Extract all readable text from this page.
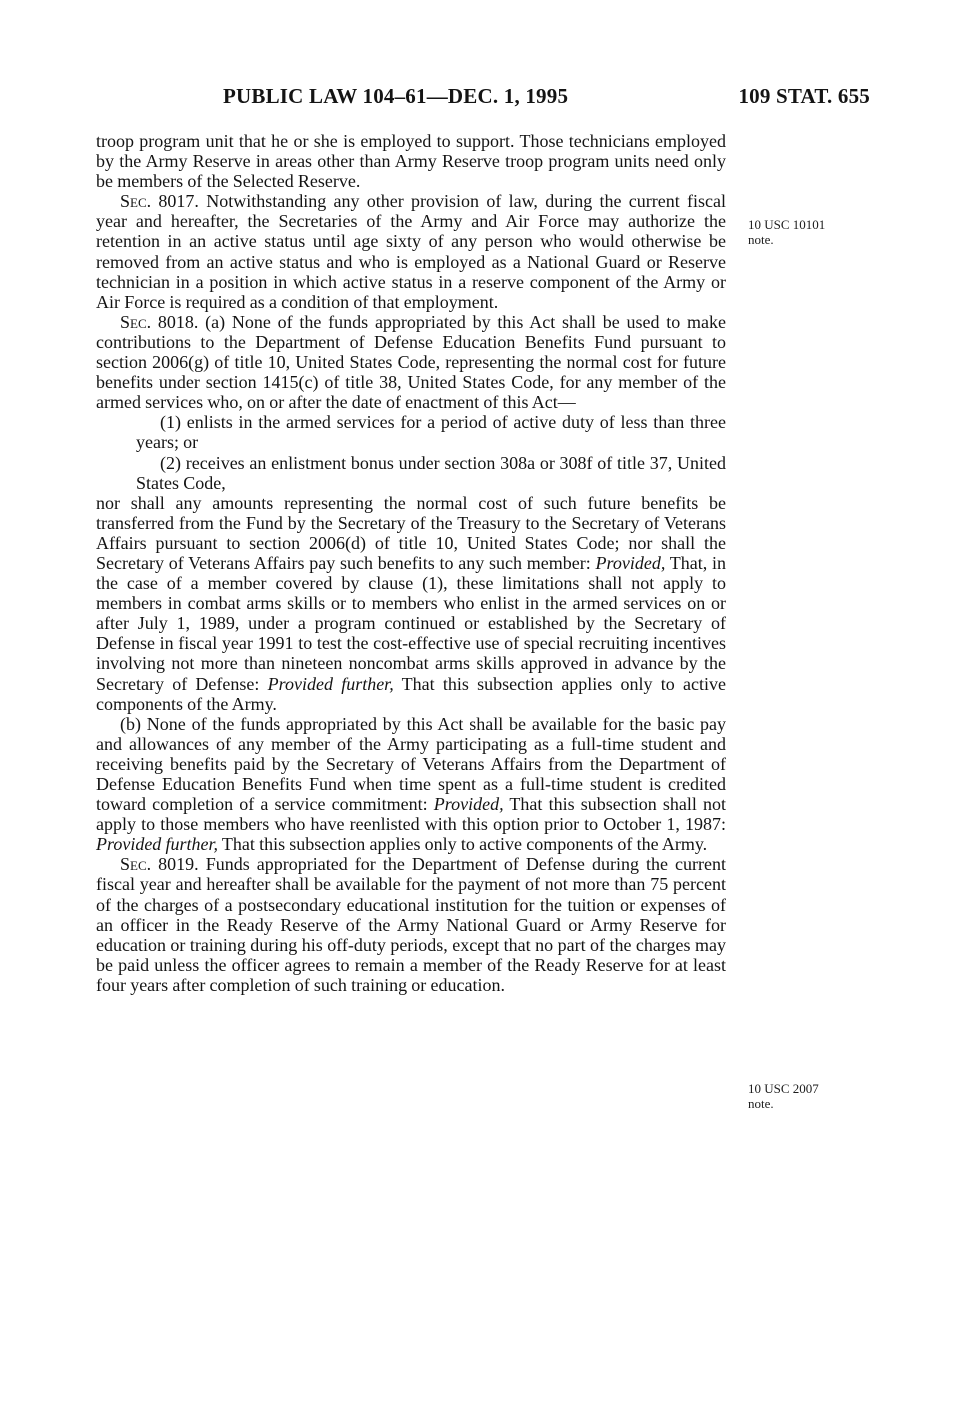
PUBLIC LAW 104–61—DEC. 1, 1995	109 STAT. 655

troop program unit that he or she is employed to support. Those technicians employed by the Army Reserve in areas other than Army Reserve troop program units need only be members of the Selected Reserve.

Sec. 8017. Notwithstanding any other provision of law, during the current fiscal year and hereafter, the Secretaries of the Army and Air Force may authorize the retention in an active status until age sixty of any person who would otherwise be removed from an active status and who is employed as a National Guard or Reserve technician in a position in which active status in a reserve component of the Army or Air Force is required as a condition of that employment.

Sec. 8018. (a) None of the funds appropriated by this Act shall be used to make contributions to the Department of Defense Education Benefits Fund pursuant to section 2006(g) of title 10, United States Code, representing the normal cost for future benefits under section 1415(c) of title 38, United States Code, for any member of the armed services who, on or after the date of enactment of this Act—

(1) enlists in the armed services for a period of active duty of less than three years; or

(2) receives an enlistment bonus under section 308a or 308f of title 37, United States Code,

nor shall any amounts representing the normal cost of such future benefits be transferred from the Fund by the Secretary of the Treasury to the Secretary of Veterans Affairs pursuant to section 2006(d) of title 10, United States Code; nor shall the Secretary of Veterans Affairs pay such benefits to any such member: Provided, That, in the case of a member covered by clause (1), these limitations shall not apply to members in combat arms skills or to members who enlist in the armed services on or after July 1, 1989, under a program continued or established by the Secretary of Defense in fiscal year 1991 to test the cost-effective use of special recruiting incentives involving not more than nineteen noncombat arms skills approved in advance by the Secretary of Defense: Provided further, That this subsection applies only to active components of the Army.

(b) None of the funds appropriated by this Act shall be available for the basic pay and allowances of any member of the Army participating as a full-time student and receiving benefits paid by the Secretary of Veterans Affairs from the Department of Defense Education Benefits Fund when time spent as a full-time student is credited toward completion of a service commitment: Provided, That this subsection shall not apply to those members who have reenlisted with this option prior to October 1, 1987: Provided further, That this subsection applies only to active components of the Army.

Sec. 8019. Funds appropriated for the Department of Defense during the current fiscal year and hereafter shall be available for the payment of not more than 75 percent of the charges of a postsecondary educational institution for the tuition or expenses of an officer in the Ready Reserve of the Army National Guard or Army Reserve for education or training during his off-duty periods, except that no part of the charges may be paid unless the officer agrees to remain a member of the Ready Reserve for at least four years after completion of such training or education.

10 USC 10101
note.
10 USC 2007
note.
